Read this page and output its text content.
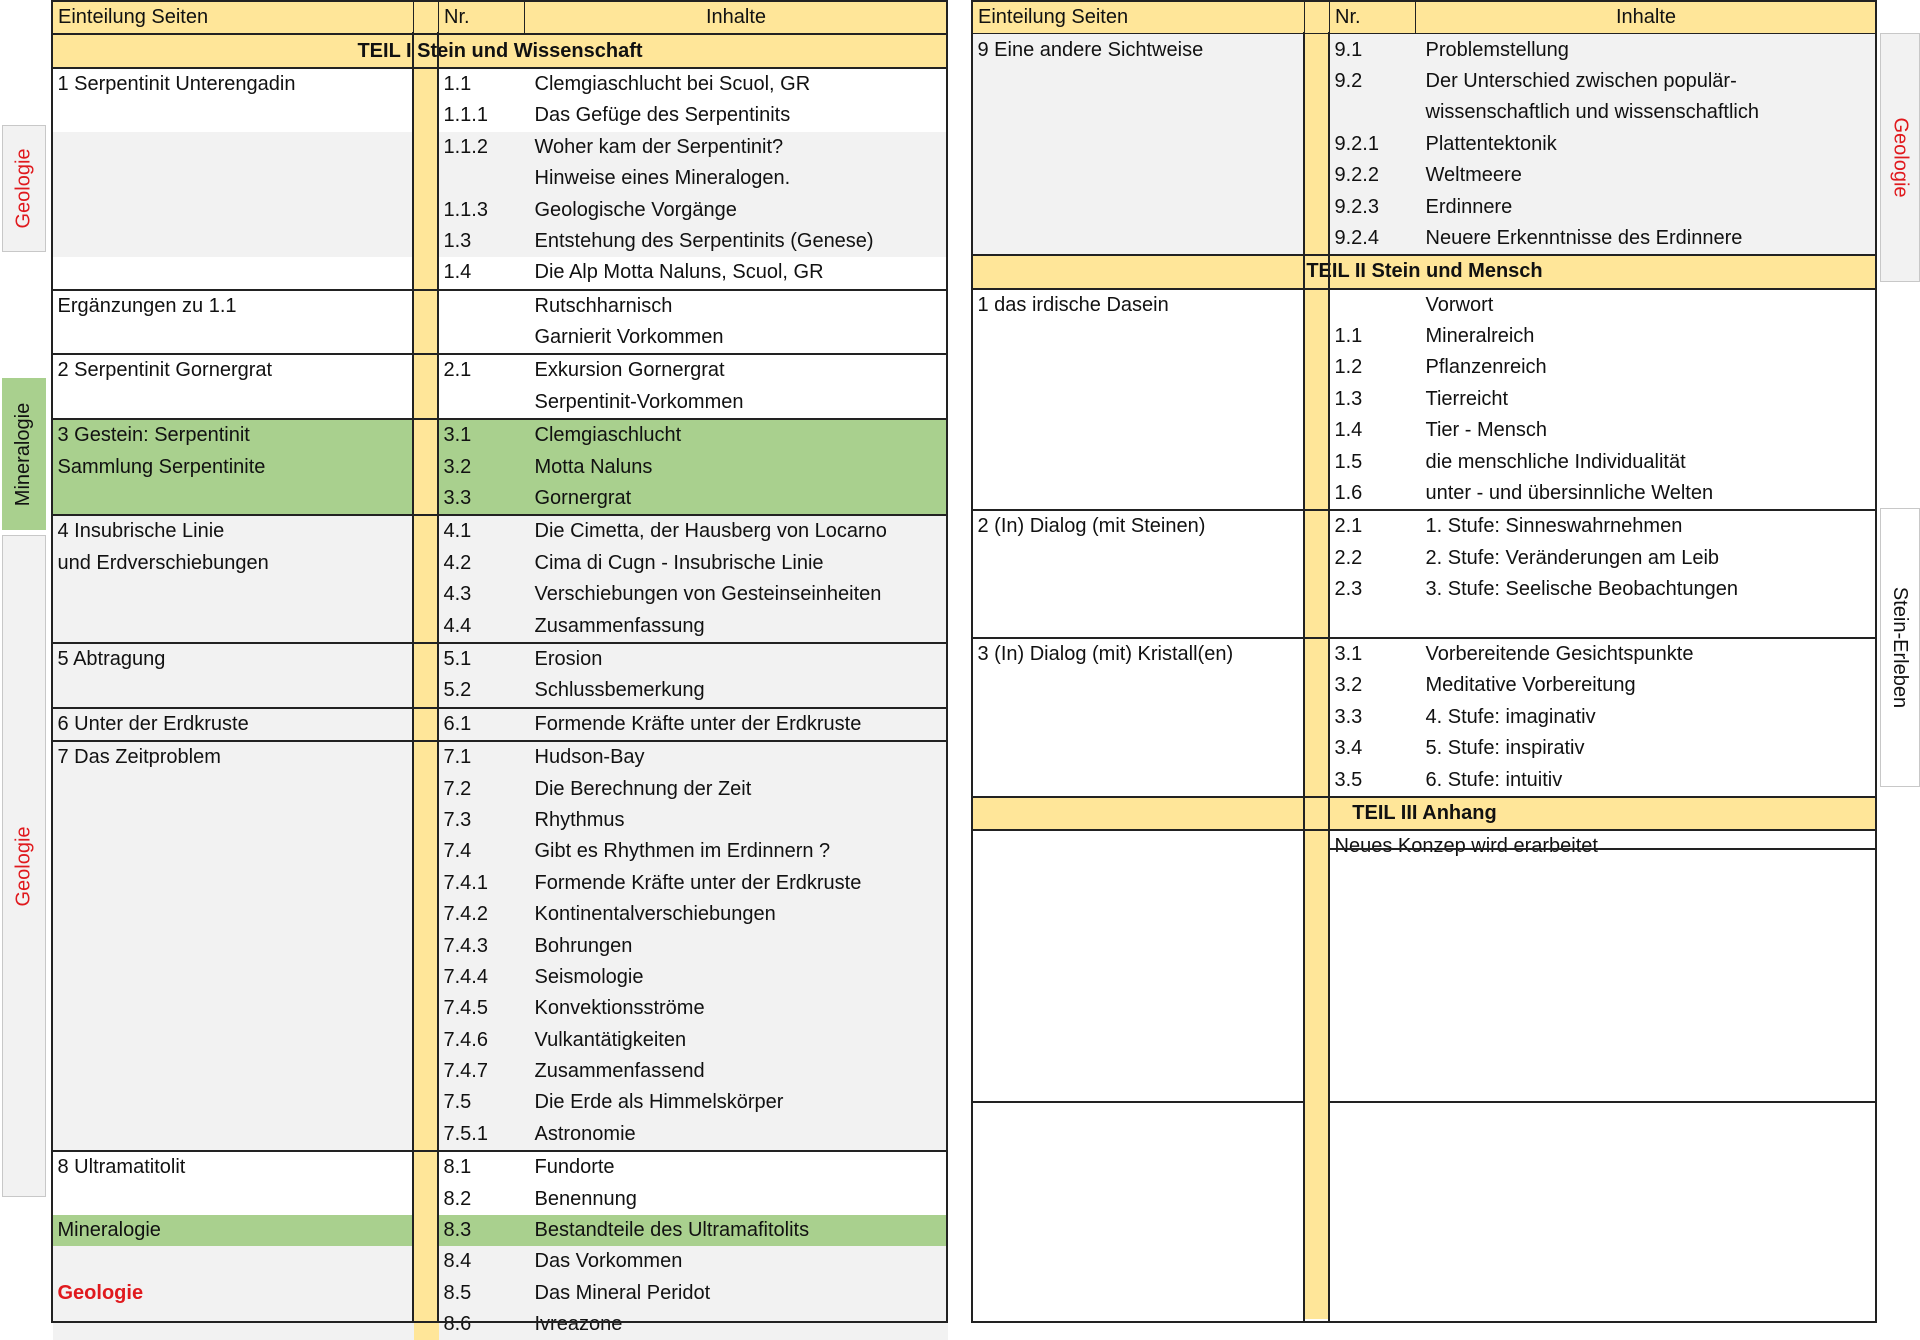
Geologie
Mineralogie
Geologie
Geologie
Stein-Erleben
Einteilung Seiten		Nr.	Inhalte
TEIL I Stein und Wissenschaft			
1 Serpentinit Unterengadin		1.1	Clemgiaschlucht bei Scuol, GR
		1.1.1	Das Gefüge des Serpentinits
		1.1.2	Woher kam der Serpentinit?
			Hinweise eines Mineralogen.
		1.1.3	Geologische Vorgänge
		1.3	Entstehung des Serpentinits (Genese)
		1.4	Die Alp Motta Naluns, Scuol, GR
Ergänzungen zu 1.1			Rutschharnisch
			Garnierit Vorkommen
2 Serpentinit Gornergrat		2.1	Exkursion Gornergrat
			Serpentinit-Vorkommen
3 Gestein: Serpentinit		3.1	Clemgiaschlucht
Sammlung Serpentinite		3.2	Motta Naluns
		3.3	Gornergrat
4 Insubrische Linie		4.1	Die Cimetta, der Hausberg von Locarno
und Erdverschiebungen		4.2	Cima di Cugn - Insubrische Linie
		4.3	Verschiebungen von Gesteinseinheiten
		4.4	Zusammenfassung
5 Abtragung		5.1	Erosion
		5.2	Schlussbemerkung
6 Unter der Erdkruste		6.1	Formende Kräfte unter der Erdkruste
7 Das Zeitproblem		7.1	Hudson-Bay
		7.2	Die Berechnung der Zeit
		7.3	Rhythmus
		7.4	Gibt es Rhythmen im Erdinnern ?
		7.4.1	Formende Kräfte unter der Erdkruste
		7.4.2	Kontinentalverschiebungen
		7.4.3	Bohrungen
		7.4.4	Seismologie
		7.4.5	Konvektionsströme
		7.4.6	Vulkantätigkeiten
		7.4.7	Zusammenfassend
		7.5	Die Erde als Himmelskörper
		7.5.1	Astronomie
8 Ultramatitolit		8.1	Fundorte
		8.2	Benennung
Mineralogie		8.3	Bestandteile des Ultramafitolits
		8.4	Das Vorkommen
Geologie		8.5	Das Mineral Peridot
		8.6	Ivreazone
Einteilung Seiten		Nr.	Inhalte
9 Eine andere Sichtweise		9.1	Problemstellung
		9.2	Der Unterschied zwischen populär-
			wissenschaftlich und wissenschaftlich
		9.2.1	Plattentektonik
		9.2.2	Weltmeere
		9.2.3	Erdinnere
		9.2.4	Neuere Erkenntnisse des Erdinnere
TEIL II Stein und Mensch			
1 das irdische Dasein			Vorwort
		1.1	Mineralreich
		1.2	Pflanzenreich
		1.3	Tierreicht
		1.4	Tier - Mensch
		1.5	die menschliche Individualität
		1.6	unter - und übersinnliche Welten
2 (In) Dialog (mit Steinen)		2.1	1. Stufe: Sinneswahrnehmen
		2.2	2. Stufe: Veränderungen am Leib
		2.3	3. Stufe: Seelische Beobachtungen

3 (In) Dialog (mit) Kristall(en)		3.1	Vorbereitende Gesichtspunkte
		3.2	Meditative Vorbereitung
		3.3	4. Stufe: imaginativ
		3.4	5. Stufe: inspirativ
		3.5	6. Stufe: intuitiv
TEIL III Anhang			
		Neues Konzep wird erarbeitet	
